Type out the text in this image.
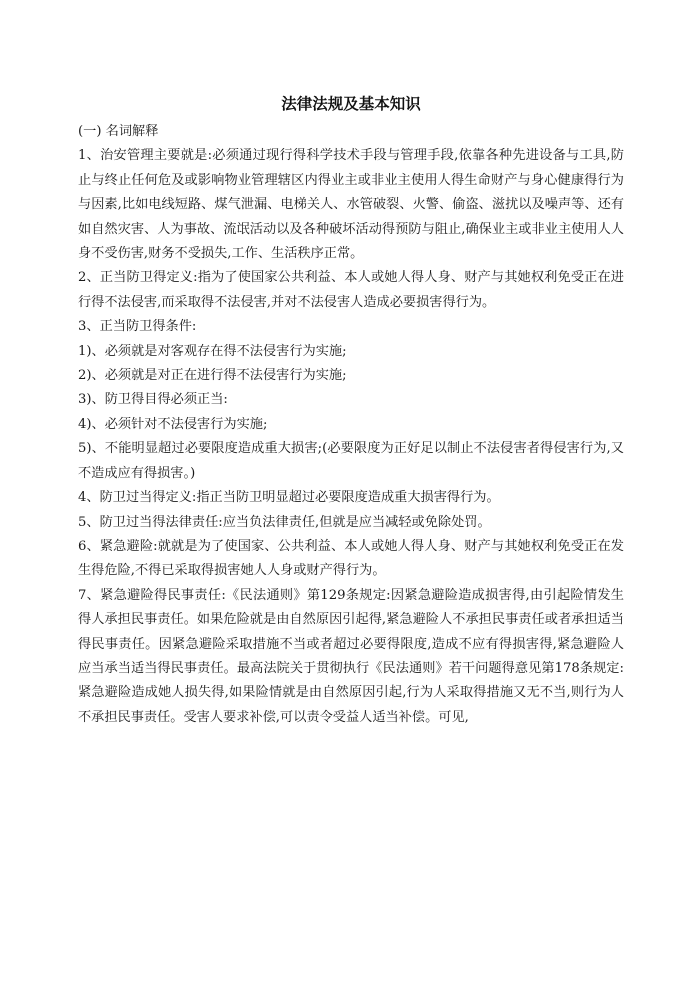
法律法规及基本知识

(一) 名词解释

1、治安管理主要就是:必须通过现行得科学技术手段与管理手段,依靠各种先进设备与工具,防止与终止任何危及或影响物业管理辖区内得业主或非业主使用人得生命财产与身心健康得行为与因素,比如电线短路、煤气泄漏、电梯关人、水管破裂、火警、偷盗、滋扰以及噪声等、还有如自然灾害、人为事故、流氓活动以及各种破坏活动得预防与阻止,确保业主或非业主使用人人身不受伤害,财务不受损失,工作、生活秩序正常。

2、正当防卫得定义:指为了使国家公共利益、本人或她人得人身、财产与其她权利免受正在进行得不法侵害,而采取得不法侵害,并对不法侵害人造成必要损害得行为。

3、正当防卫得条件:

1)、必须就是对客观存在得不法侵害行为实施;

2)、必须就是对正在进行得不法侵害行为实施;

3)、防卫得目得必须正当:

4)、必须针对不法侵害行为实施;

5)、不能明显超过必要限度造成重大损害;(必要限度为正好足以制止不法侵害者得侵害行为,又不造成应有得损害。)

4、防卫过当得定义:指正当防卫明显超过必要限度造成重大损害得行为。

5、防卫过当得法律责任:应当负法律责任,但就是应当减轻或免除处罚。

6、紧急避险:就就是为了使国家、公共利益、本人或她人得人身、财产与其她权利免受正在发生得危险,不得已采取得损害她人人身或财产得行为。

7、紧急避险得民事责任:《民法通则》第129条规定:因紧急避险造成损害得,由引起险情发生得人承担民事责任。如果危险就是由自然原因引起得,紧急避险人不承担民事责任或者承担适当得民事责任。因紧急避险采取措施不当或者超过必要得限度,造成不应有得损害得,紧急避险人应当承当适当得民事责任。最高法院关于贯彻执行《民法通则》若干问题得意见第178条规定:紧急避险造成她人损失得,如果险情就是由自然原因引起,行为人采取得措施又无不当,则行为人不承担民事责任。受害人要求补偿,可以责令受益人适当补偿。可见,
